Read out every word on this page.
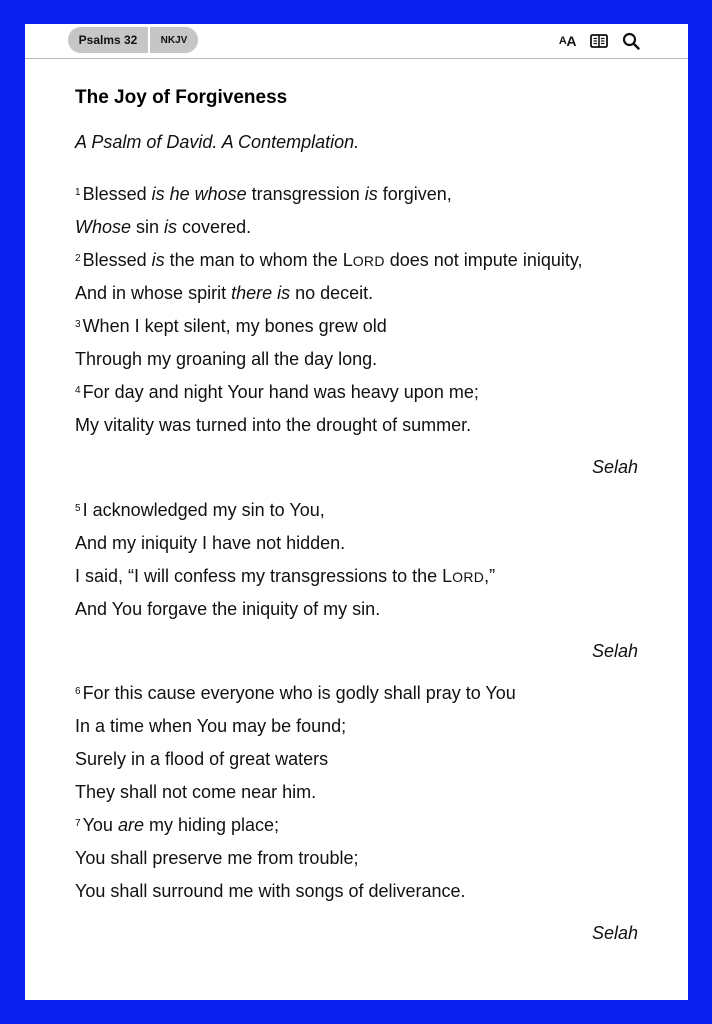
Psalms 32	NKJV	A A
The Joy of Forgiveness
A Psalm of David. A Contemplation.
$^1$ Blessed is he whose transgression is forgiven,
Whose sin is covered.
$^2$ Blessed is the man to whom the LORD does not impute iniquity,
And in whose spirit there is no deceit.
$^3$ When I kept silent, my bones grew old
Through my groaning all the day long.
$^4$ For day and night Your hand was heavy upon me;
My vitality was turned into the drought of summer.
$^5$ I acknowledged my sin to You,
And my iniquity I have not hidden.
I said, “I will confess my transgressions to the LORD,”
And You forgave the iniquity of my sin.
$^6$ For this cause everyone who is godly shall pray to You
In a time when You may be found;
Surely in a flood of great waters
They shall not come near him.
$^7$ You are my hiding place;
You shall preserve me from trouble;
You shall surround me with songs of deliverance.
Selah
Selah
Selah
